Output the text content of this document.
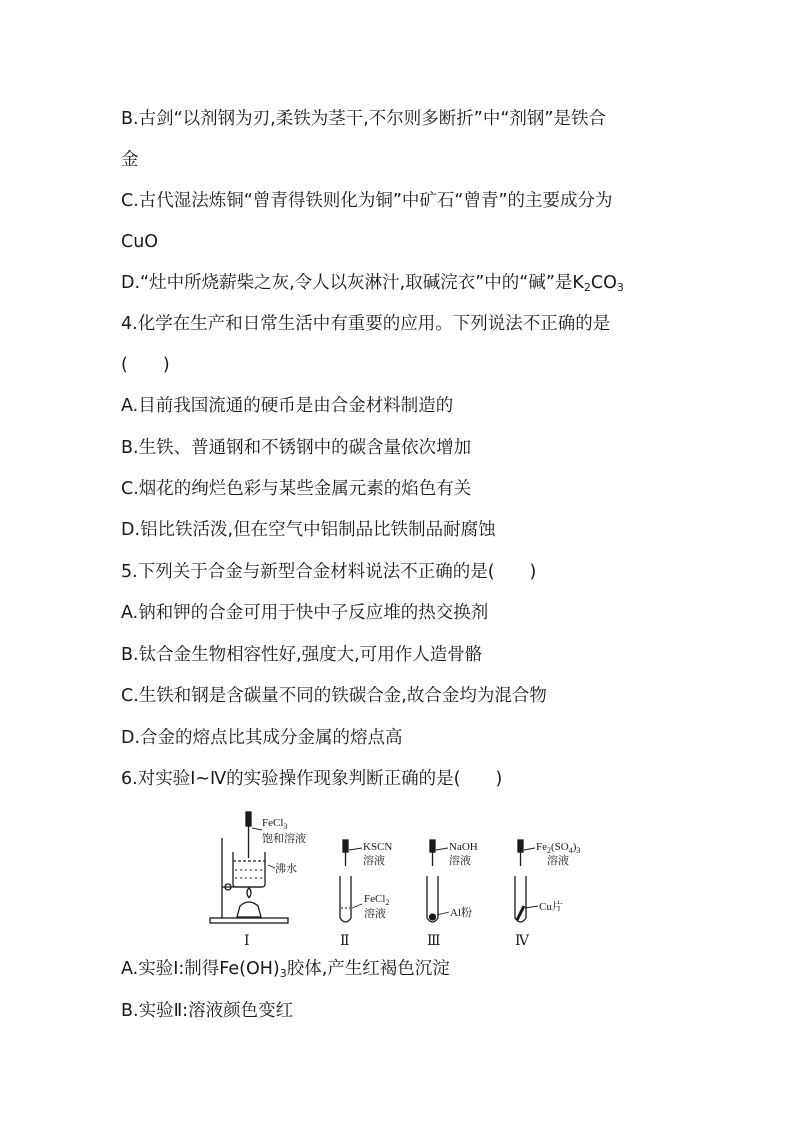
B.古剑“以剂钢为刃,柔铁为茎干,不尔则多断折”中“剂钢”是铁合
金
C.古代湿法炼铜“曾青得铁则化为铜”中矿石“曾青”的主要成分为
CuO
D.“灶中所烧薪柴之灰,令人以灰淋汁,取碱浣衣”中的“碱”是$K_2CO_3$
4.化学在生产和日常生活中有重要的应用。下列说法不正确的是
(　　)
A.目前我国流通的硬币是由合金材料制造的
B.生铁、普通钢和不锈钢中的碳含量依次增加
C.烟花的绚烂色彩与某些金属元素的焰色有关
D.铝比铁活泼,但在空气中铝制品比铁制品耐腐蚀
5.下列关于合金与新型合金材料说法不正确的是(　　)
A.钠和钾的合金可用于快中子反应堆的热交换剂
B.钛合金生物相容性好,强度大,可用作人造骨骼
C.生铁和钢是含碳量不同的铁碳合金,故合金均为混合物
D.合金的熔点比其成分金属的熔点高
6.对实验Ⅰ~Ⅳ的实验操作现象判断正确的是(　　)
FeCl$_3$
饱和溶液
沸水
Ⅰ
KSCN
溶液
FeCl$_2$
溶液
Ⅱ
NaOH
溶液
Al粉
Ⅲ
$Fe_2(SO_4)_3$
溶液
Cu片
Ⅳ
A.实验Ⅰ:制得$Fe(OH)_3$胶体,产生红褐色沉淀
B.实验Ⅱ:溶液颜色变红
